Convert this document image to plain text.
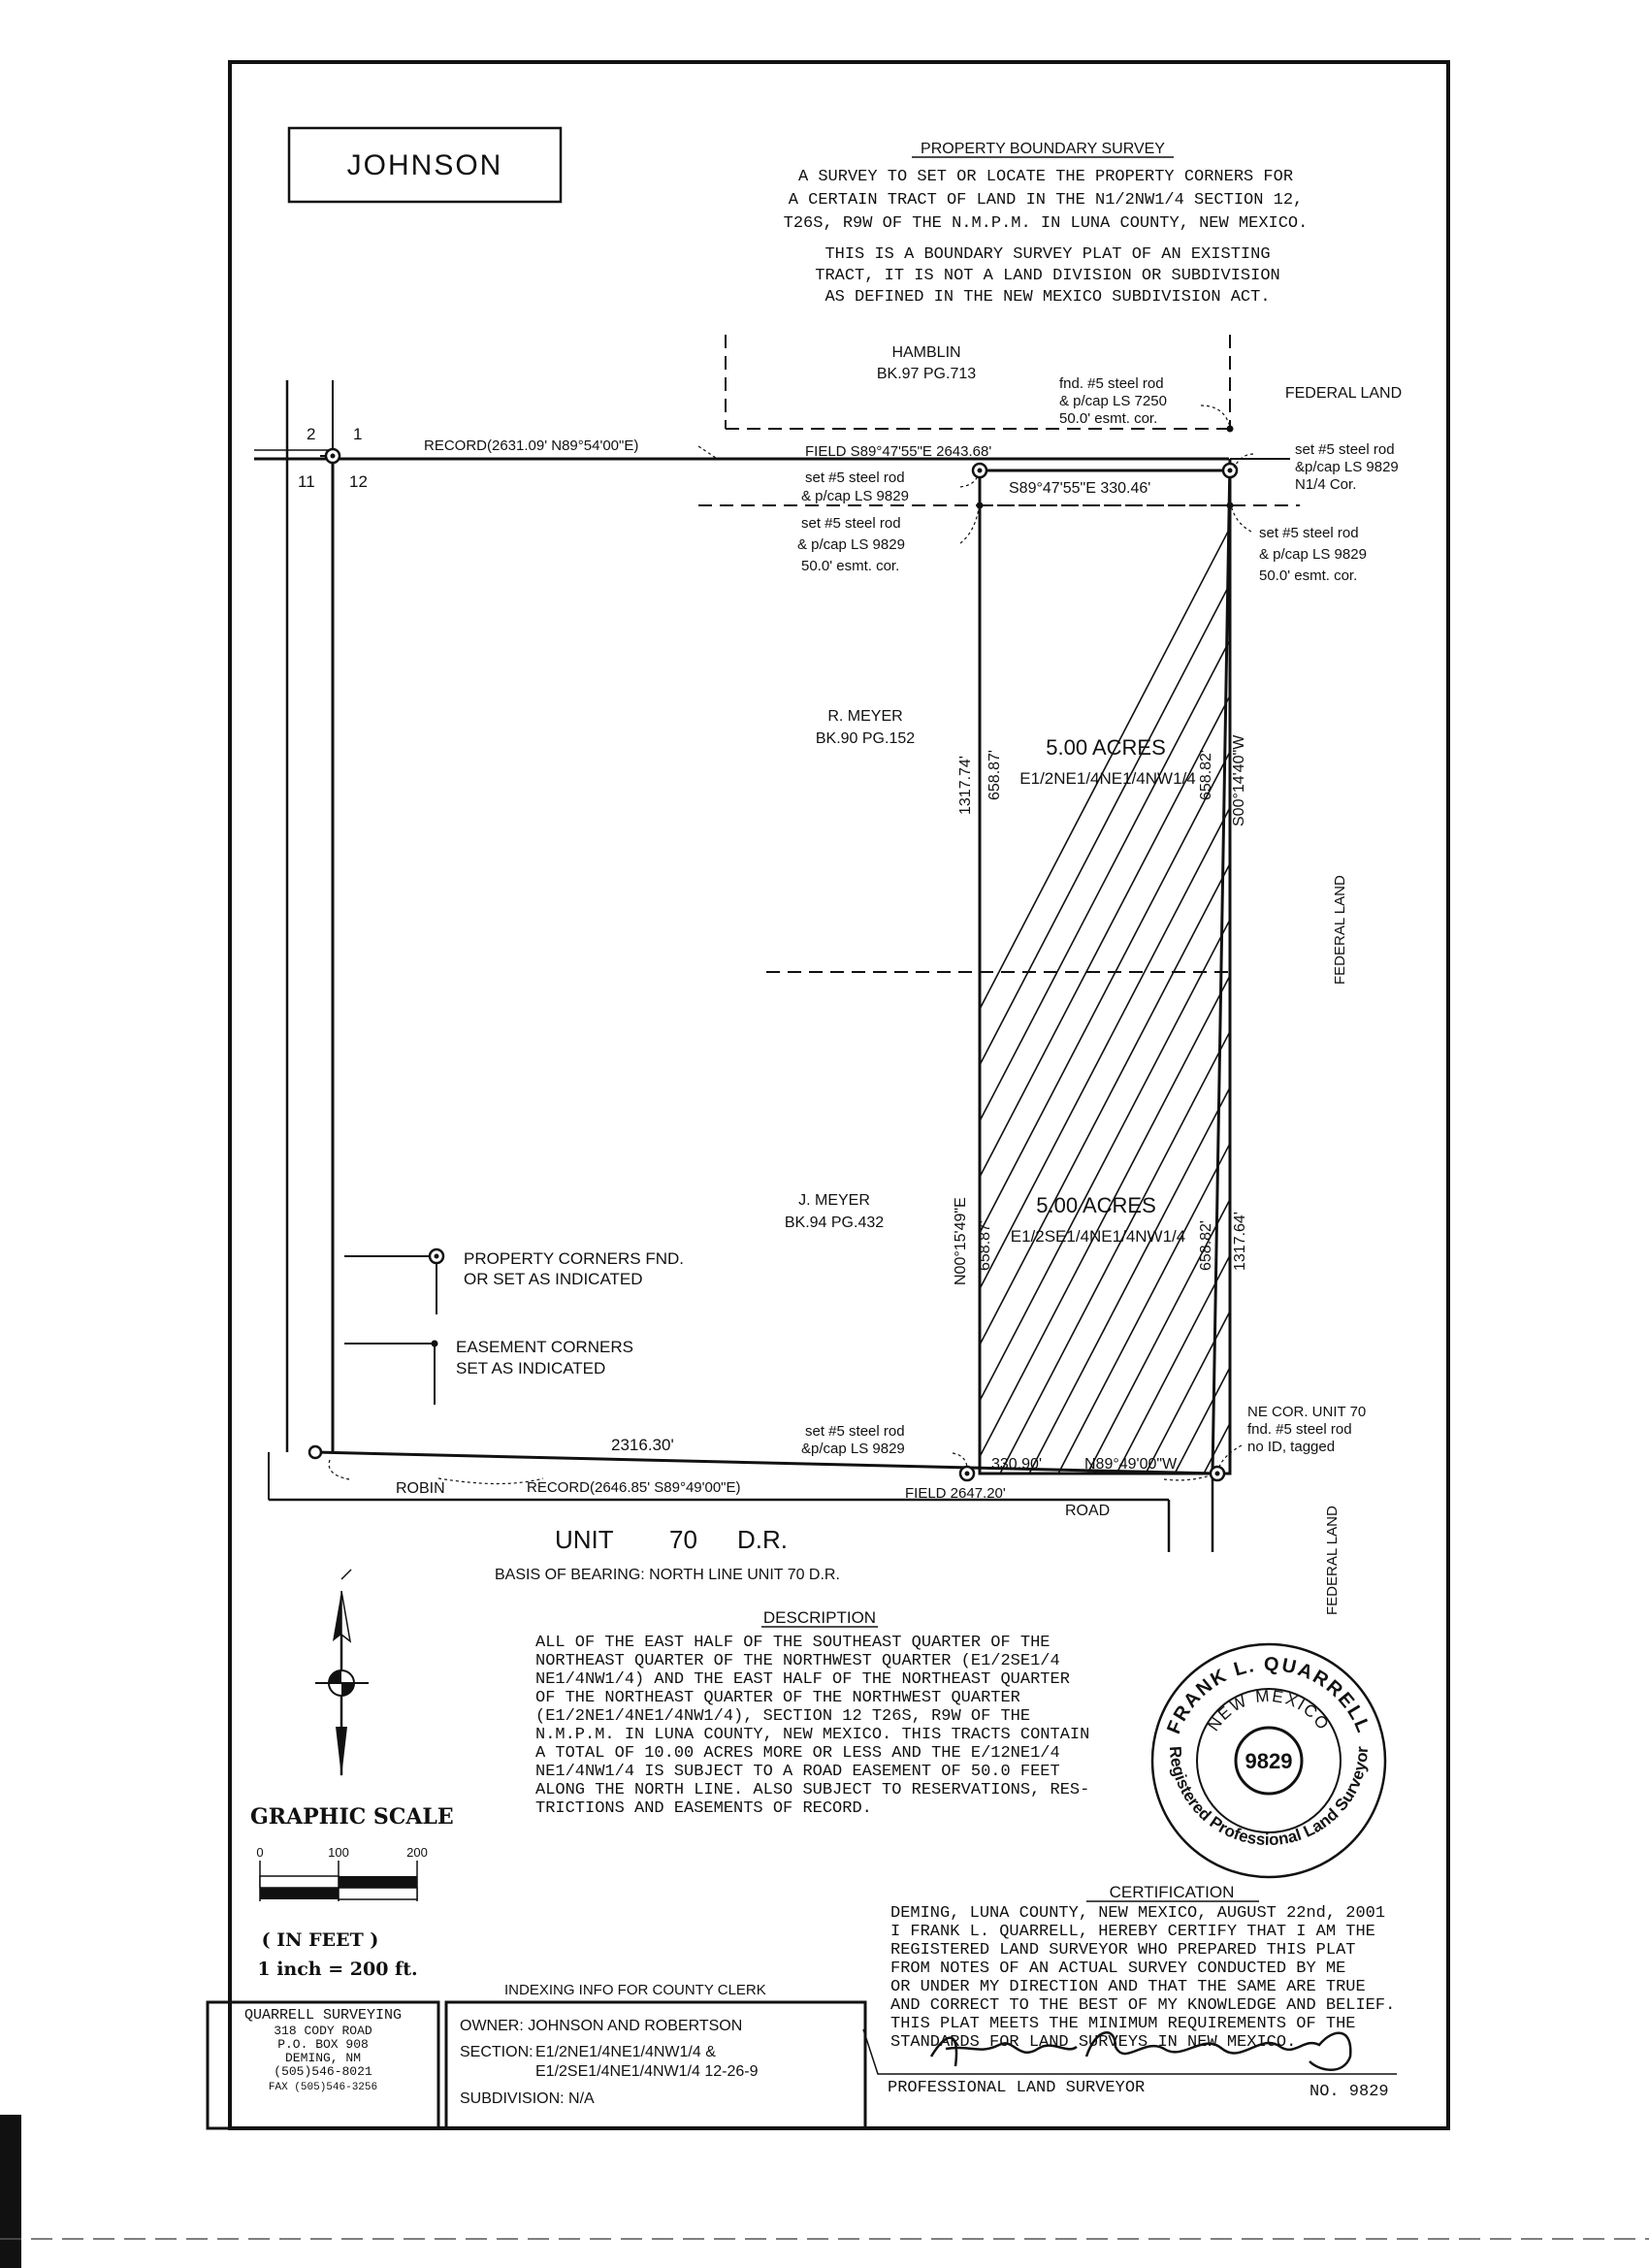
JOHNSON
PROPERTY BOUNDARY SURVEY
A SURVEY TO SET OR LOCATE THE PROPERTY CORNERS FOR
A CERTAIN TRACT OF LAND IN THE N1/2NW1/4 SECTION 12,
T26S, R9W OF THE N.M.P.M. IN LUNA COUNTY, NEW MEXICO.
THIS IS A BOUNDARY SURVEY PLAT OF AN EXISTING
TRACT, IT IS NOT A LAND DIVISION OR SUBDIVISION
AS DEFINED IN THE NEW MEXICO SUBDIVISION ACT.
2 1
11 12
HAMBLIN
BK.97 PG.713
FEDERAL LAND
R. MEYER
BK.90 PG.152
J. MEYER
BK.94 PG.432
FEDERAL LAND
FEDERAL LAND
fnd. #5 steel rod
& p/cap LS 7250
50.0' esmt. cor.
set #5 steel rod
&p/cap LS 9829
N1/4 Cor.
set #5 steel rod
& p/cap LS 9829
set #5 steel rod
& p/cap LS 9829
50.0' esmt. cor.
set #5 steel rod
& p/cap LS 9829
50.0' esmt. cor.
set #5 steel rod
&p/cap LS 9829
NE COR. UNIT 70
fnd. #5 steel rod
no ID, tagged
RECORD(2631.09' N89°54'00"E)	FIELD S89°47'55"E 2643.68'
S89°47'55"E 330.46'
1317.74' 658.87'	658.82' S00°14'40"W
N00°15'49"E 658.87'	658.82' 1317.64'
2316.30'
330.90'	N89°49'00"W
RECORD(2646.85' S89°49'00"E)	FIELD 2647.20'
5.00 ACRES
E1/2NE1/4NE1/4NW1/4
5.00 ACRES
E1/2SE1/4NE1/4NW1/4
PROPERTY CORNERS FND.
OR SET AS INDICATED
EASEMENT CORNERS
SET AS INDICATED
ROBIN
ROAD
UNIT 70 D.R.
BASIS OF BEARING: NORTH LINE UNIT 70 D.R.
DESCRIPTION
ALL OF THE EAST HALF OF THE SOUTHEAST QUARTER OF THE
NORTHEAST QUARTER OF THE NORTHWEST QUARTER (E1/2SE1/4
NE1/4NW1/4) AND THE EAST HALF OF THE NORTHEAST QUARTER
OF THE NORTHEAST QUARTER OF THE NORTHWEST QUARTER
(E1/2NE1/4NE1/4NW1/4), SECTION 12 T26S, R9W OF THE
N.M.P.M. IN LUNA COUNTY, NEW MEXICO. THIS TRACTS CONTAIN
A TOTAL OF 10.00 ACRES MORE OR LESS AND THE E/12NE1/4
NE1/4NW1/4 IS SUBJECT TO A ROAD EASEMENT OF 50.0 FEET
ALONG THE NORTH LINE. ALSO SUBJECT TO RESERVATIONS, RES-
TRICTIONS AND EASEMENTS OF RECORD.
FRANK L. QUARRELL
NEW MEXICO
9829
Registered Professional Land Surveyor
GRAPHIC SCALE
0	100	200
( IN FEET )
1 inch = 200 ft.
CERTIFICATION
DEMING, LUNA COUNTY, NEW MEXICO, AUGUST 22nd, 2001
I FRANK L. QUARRELL, HEREBY CERTIFY THAT I AM THE
REGISTERED LAND SURVEYOR WHO PREPARED THIS PLAT
FROM NOTES OF AN ACTUAL SURVEY CONDUCTED BY ME
OR UNDER MY DIRECTION AND THAT THE SAME ARE TRUE
AND CORRECT TO THE BEST OF MY KNOWLEDGE AND BELIEF.
THIS PLAT MEETS THE MINIMUM REQUIREMENTS OF THE
STANDARDS FOR LAND SURVEYS IN NEW MEXICO.
PROFESSIONAL LAND SURVEYOR	NO. 9829
INDEXING INFO FOR COUNTY CLERK
QUARRELL SURVEYING
318 CODY ROAD
P.O. BOX 908
DEMING, NM
(505)546-8021
FAX (505)546-3256
OWNER: JOHNSON AND ROBERTSON
SECTION: E1/2NE1/4NE1/4NW1/4 &
E1/2SE1/4NE1/4NW1/4 12-26-9
SUBDIVISION: N/A
